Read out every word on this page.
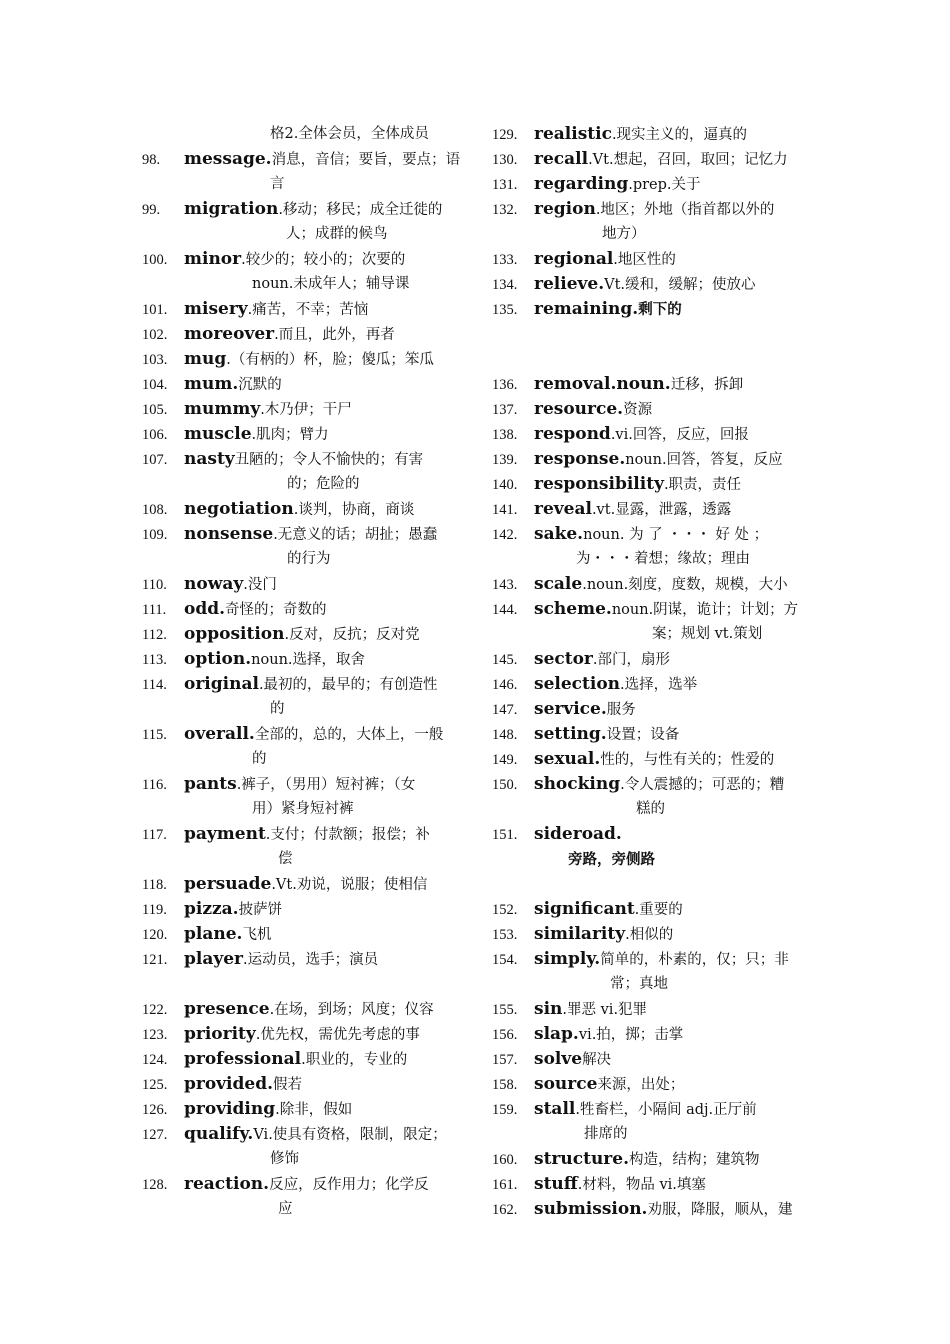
格2.全体会员，全体成员
98.	message. 消息，音信；要旨，要点；语
言
99.	migration .移动；移民；成全迁徙的
人；成群的候鸟
100. minor .较少的；较小的；次要的
noun.未成年人；辅导课
101. misery .痛苦，不幸；苦恼
102. moreover .而且，此外，再者
103. mug .（有柄的）杯，脸；傻瓜；笨瓜
104. mum. 沉默的
105. mummy .木乃伊；干尸
106. muscle .肌肉；臂力
107. nasty 丑陋的；令人不愉快的；有害
的；危险的
108. negotiation .谈判，协商，商谈
109. nonsense .无意义的话；胡扯；愚蠢
的行为
110.	noway .没门
111.	odd. 奇怪的；奇数的
112.	opposition .反对，反抗；反对党
113.	option. noun.选择，取舍
114.	original .最初的，最早的；有创造性
的
115.	overall. 全部的，总的，大体上，一般
的
116.	pants .裤子，（男用）短衬裤；（女
用）紧身短衬裤
117.	payment .支付；付款额；报偿；补
偿
118.	persuade .Vt.劝说，说服；使相信
119.	pizza. 披萨饼
120. plane. 飞机
121. player .运动员，选手；演员
122. presence .在场，到场；风度；仪容
123. priority .优先权，需优先考虑的事
124. professional .职业的，专业的
125. provided. 假若
126. providing .除非，假如
127. qualify. Vi.使具有资格，限制，限定；
修饰
128. reaction. 反应，反作用力；化学反
应
129. realistic .现实主义的，逼真的
130. recall .Vt.想起，召回，取回；记忆力
131. regarding .prep.关于
132. region .地区；外地（指首都以外的
地方）
133. regional .地区性的
134. relieve. Vt.缓和，缓解；使放心
135. remaining. 剩下的
136. removal.noun. 迁移，拆卸
137. resource. 资源
138. respond .vi.回答，反应，回报
139. response. noun.回答，答复，反应
140. responsibility .职责，责任
141. reveal .vt.显露，泄露，透露
142. sake. noun. 为 了 ・・・ 好 处 ；
为・・・着想；缘故；理由
143. scale .noun.刻度，度数，规模，大小
144. scheme. noun.阴谋，诡计；计划；方
案；规划 vt.策划
145. sector .部门，扇形
146. selection .选择，选举
147. service. 服务
148. setting. 设置；设备
149. sexual. 性的，与性有关的；性爱的
150. shocking .令人震撼的；可恶的；糟
糕的
151. sideroad.
旁路，旁侧路
152. significant .重要的
153. similarity .相似的
154. simply. 简单的，朴素的，仅；只；非
常；真地
155. sin .罪恶 vi.犯罪
156. slap. vi.拍，掷；击掌
157. solve 解决
158. source 来源，出处；
159. stall .牲畜栏，小隔间 adj.正厅前
排席的
160. structure. 构造，结构；建筑物
161. stuff .材料，物品 vi.填塞
162. submission. 劝服，降服，顺从，建
